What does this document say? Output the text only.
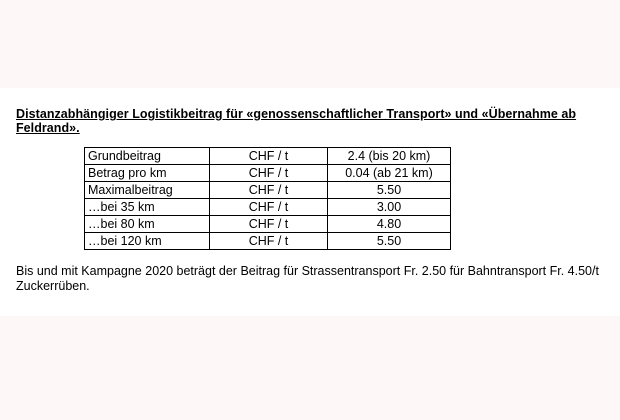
Distanzabhängiger Logistikbeitrag für «genossenschaftlicher Transport» und «Übernahme ab Feldrand».

Grundbeitrag	CHF / t	2.4 (bis 20 km)
Betrag pro km	CHF / t	0.04 (ab 21 km)
Maximalbeitrag	CHF / t	5.50
…bei 35 km	CHF / t	3.00
…bei 80 km	CHF / t	4.80
…bei 120 km	CHF / t	5.50

Bis und mit Kampagne 2020 beträgt der Beitrag für Strassentransport Fr. 2.50 für Bahntransport Fr. 4.50/t Zuckerrüben.
